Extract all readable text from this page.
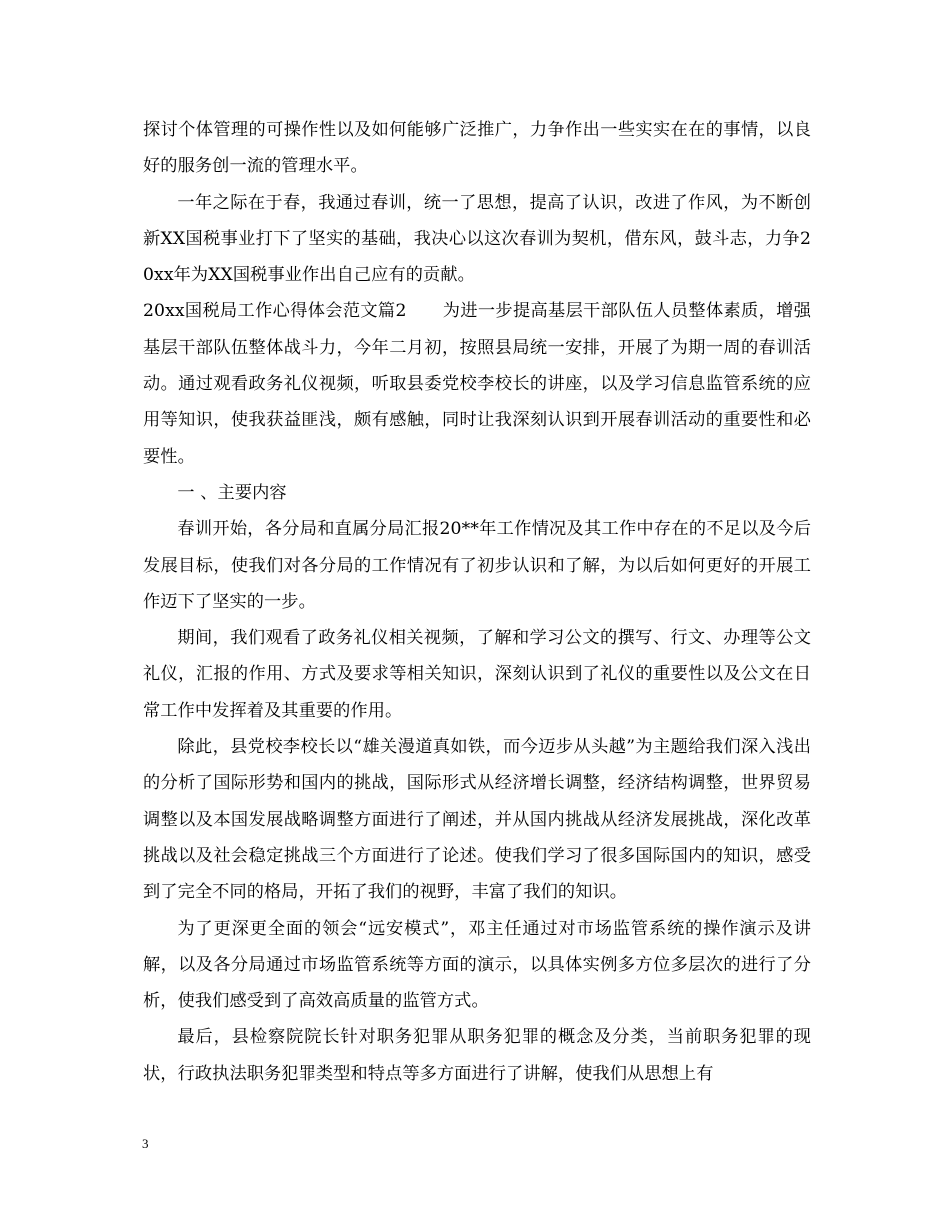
探讨个体管理的可操作性以及如何能够广泛推广，力争作出一些实实在在的事情，以良好的服务创一流的管理水平。

一年之际在于春，我通过春训，统一了思想，提高了认识，改进了作风，为不断创新XX国税事业打下了坚实的基础，我决心以这次春训为契机，借东风，鼓斗志，力争20xx年为XX国税事业作出自己应有的贡献。

20xx国税局工作心得体会范文篇2 为进一步提高基层干部队伍人员整体素质，增强基层干部队伍整体战斗力，今年二月初，按照县局统一安排，开展了为期一周的春训活动。通过观看政务礼仪视频，听取县委党校李校长的讲座，以及学习信息监管系统的应用等知识，使我获益匪浅，颇有感触，同时让我深刻认识到开展春训活动的重要性和必要性。

一 、主要内容

春训开始，各分局和直属分局汇报20**年工作情况及其工作中存在的不足以及今后发展目标，使我们对各分局的工作情况有了初步认识和了解，为以后如何更好的开展工作迈下了坚实的一步。

期间，我们观看了政务礼仪相关视频，了解和学习公文的撰写、行文、办理等公文礼仪，汇报的作用、方式及要求等相关知识，深刻认识到了礼仪的重要性以及公文在日常工作中发挥着及其重要的作用。

除此，县党校李校长以“雄关漫道真如铁，而今迈步从头越”为主题给我们深入浅出的分析了国际形势和国内的挑战，国际形式从经济增长调整，经济结构调整，世界贸易调整以及本国发展战略调整方面进行了阐述，并从国内挑战从经济发展挑战，深化改革挑战以及社会稳定挑战三个方面进行了论述。使我们学习了很多国际国内的知识，感受到了完全不同的格局，开拓了我们的视野，丰富了我们的知识。

为了更深更全面的领会“远安模式”，邓主任通过对市场监管系统的操作演示及讲解，以及各分局通过市场监管系统等方面的演示，以具体实例多方位多层次的进行了分析，使我们感受到了高效高质量的监管方式。

最后，县检察院院长针对职务犯罪从职务犯罪的概念及分类，当前职务犯罪的现状，行政执法职务犯罪类型和特点等多方面进行了讲解，使我们从思想上有

3
